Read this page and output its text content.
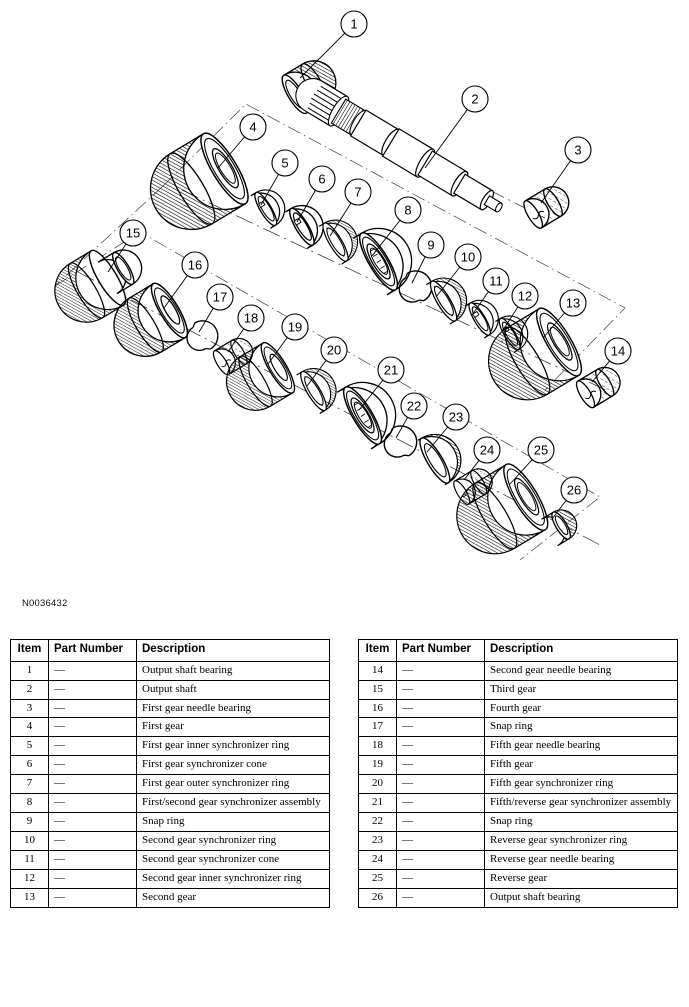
1
2
3
4
5
6
7
8
9
10
11
12	13
14
15
16
17
18
19
20
21
22
23
24	25
26
N0036432
Item	Part Number	Description
1	—	Output shaft bearing
2	—	Output shaft
3	—	First gear needle bearing
4	—	First gear
5	—	First gear inner synchronizer ring
6	—	First gear synchronizer cone
7	—	First gear outer synchronizer ring
8	—	First/second gear synchronizer assembly
9	—	Snap ring
10	—	Second gear synchronizer ring
11	—	Second gear synchronizer cone
12	—	Second gear inner synchronizer ring
13	—	Second gear
Item	Part Number	Description
14	—	Second gear needle bearing
15	—	Third gear
16	—	Fourth gear
17	—	Snap ring
18	—	Fifth gear needle bearing
19	—	Fifth gear
20	—	Fifth gear synchronizer ring
21	—	Fifth/reverse gear synchronizer assembly
22	—	Snap ring
23	—	Reverse gear synchronizer ring
24	—	Reverse gear needle bearing
25	—	Reverse gear
26	—	Output shaft bearing
